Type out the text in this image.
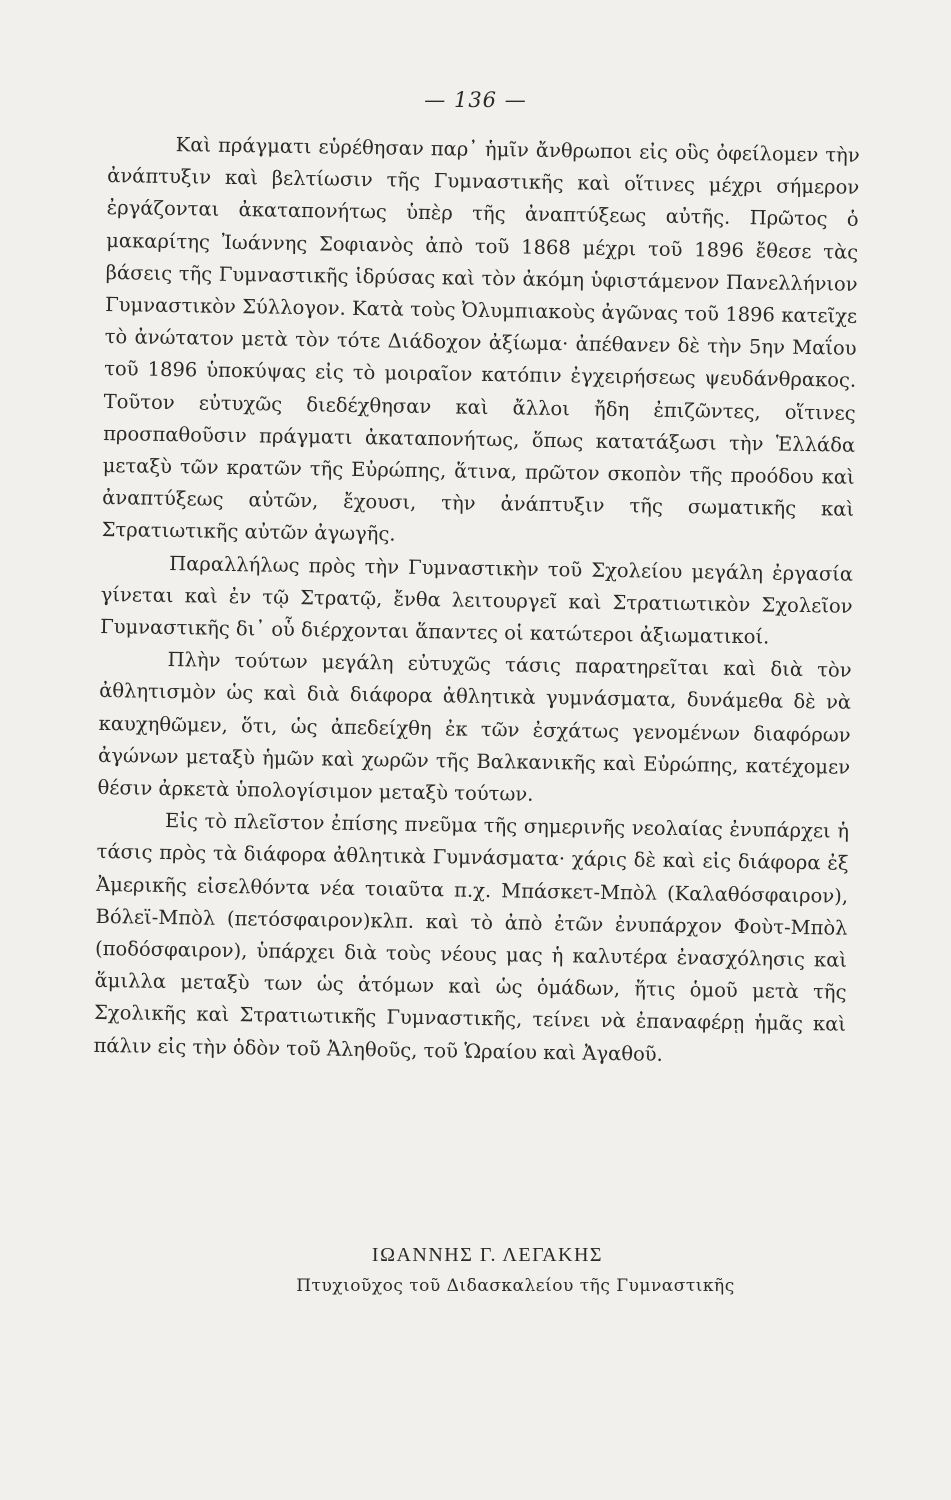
— 136 —

Καὶ πράγματι εὑρέθησαν παρ᾽ ἡμῖν ἄνθρωποι εἰς οὓς ὀφείλομεν τὴν ἀνάπτυξιν καὶ βελτίωσιν τῆς Γυμναστικῆς καὶ οἵτινες μέχρι σήμερον ἐργάζονται ἀκαταπονήτως ὑπὲρ τῆς ἀναπτύξεως αὐτῆς. Πρῶτος ὁ μακαρίτης Ἰωάννης Σοφιανὸς ἀπὸ τοῦ 1868 μέχρι τοῦ 1896 ἔθεσε τὰς βάσεις τῆς Γυμναστικῆς ἱδρύσας καὶ τὸν ἀκόμη ὑφιστάμενον Πανελλήνιον Γυμναστικὸν Σύλλογον. Κατὰ τοὺς Ὀλυμπιακοὺς ἀγῶνας τοῦ 1896 κατεῖχε τὸ ἀνώτατον μετὰ τὸν τότε Διάδοχον ἀξίωμα· ἀπέθανεν δὲ τὴν 5ην Μαΐου τοῦ 1896 ὑποκύψας εἰς τὸ μοιραῖον κατόπιν ἐγχειρήσεως ψευδάνθρακος. Τοῦτον εὐτυχῶς διεδέχθησαν καὶ ἄλλοι ἤδη ἐπιζῶντες, οἵτινες προσπαθοῦσιν πράγματι ἀκαταπονήτως, ὅπως κατατάξωσι τὴν Ἑλλάδα μεταξὺ τῶν κρατῶν τῆς Εὐρώπης, ἅτινα, πρῶτον σκοπὸν τῆς προόδου καὶ ἀναπτύξεως αὐτῶν, ἔχουσι, τὴν ἀνάπτυξιν τῆς σωματικῆς καὶ Στρατιωτικῆς αὐτῶν ἀγωγῆς.

Παραλλήλως πρὸς τὴν Γυμναστικὴν τοῦ Σχολείου μεγάλη ἐργασία γίνεται καὶ ἐν τῷ Στρατῷ, ἔνθα λειτουργεῖ καὶ Στρατιωτικὸν Σχολεῖον Γυμναστικῆς δι᾽ οὗ διέρχονται ἅπαντες οἱ κατώτεροι ἀξιωματικοί.

Πλὴν τούτων μεγάλη εὐτυχῶς τάσις παρατηρεῖται καὶ διὰ τὸν ἀθλητισμὸν ὡς καὶ διὰ διάφορα ἀθλητικὰ γυμνάσματα, δυνάμεθα δὲ νὰ καυχηθῶμεν, ὅτι, ὡς ἀπεδείχθη ἐκ τῶν ἐσχάτως γενομένων διαφόρων ἀγώνων μεταξὺ ἡμῶν καὶ χωρῶν τῆς Βαλκανικῆς καὶ Εὐρώπης, κατέχομεν θέσιν ἀρκετὰ ὑπολογίσιμον μεταξὺ τούτων.

Εἰς τὸ πλεῖστον ἐπίσης πνεῦμα τῆς σημερινῆς νεολαίας ἐνυπάρχει ἡ τάσις πρὸς τὰ διάφορα ἀθλητικὰ Γυμνάσματα· χάρις δὲ καὶ εἰς διάφορα ἐξ Ἀμερικῆς εἰσελθόντα νέα τοιαῦτα π.χ. Μπάσκετ-Μπὸλ (Καλαθόσφαιρον), Βόλεϊ-Μπὸλ (πετόσφαιρον)κλπ. καὶ τὸ ἀπὸ ἐτῶν ἐνυπάρχον Φοὺτ-Μπὸλ (ποδόσφαιρον), ὑπάρχει διὰ τοὺς νέους μας ἡ καλυτέρα ἐνασχόλησις καὶ ἅμιλλα μεταξὺ των ὡς ἀτόμων καὶ ὡς ὁμάδων, ἥτις ὁμοῦ μετὰ τῆς Σχολικῆς καὶ Στρατιωτικῆς Γυμναστικῆς, τείνει νὰ ἐπαναφέρῃ ἡμᾶς καὶ πάλιν εἰς τὴν ὁδὸν τοῦ Ἀληθοῦς, τοῦ Ὡραίου καὶ Ἀγαθοῦ.

ΙΩΑΝΝΗΣ Γ. ΛΕΓΑΚΗΣ
Πτυχιοῦχος τοῦ Διδασκαλείου τῆς Γυμναστικῆς
